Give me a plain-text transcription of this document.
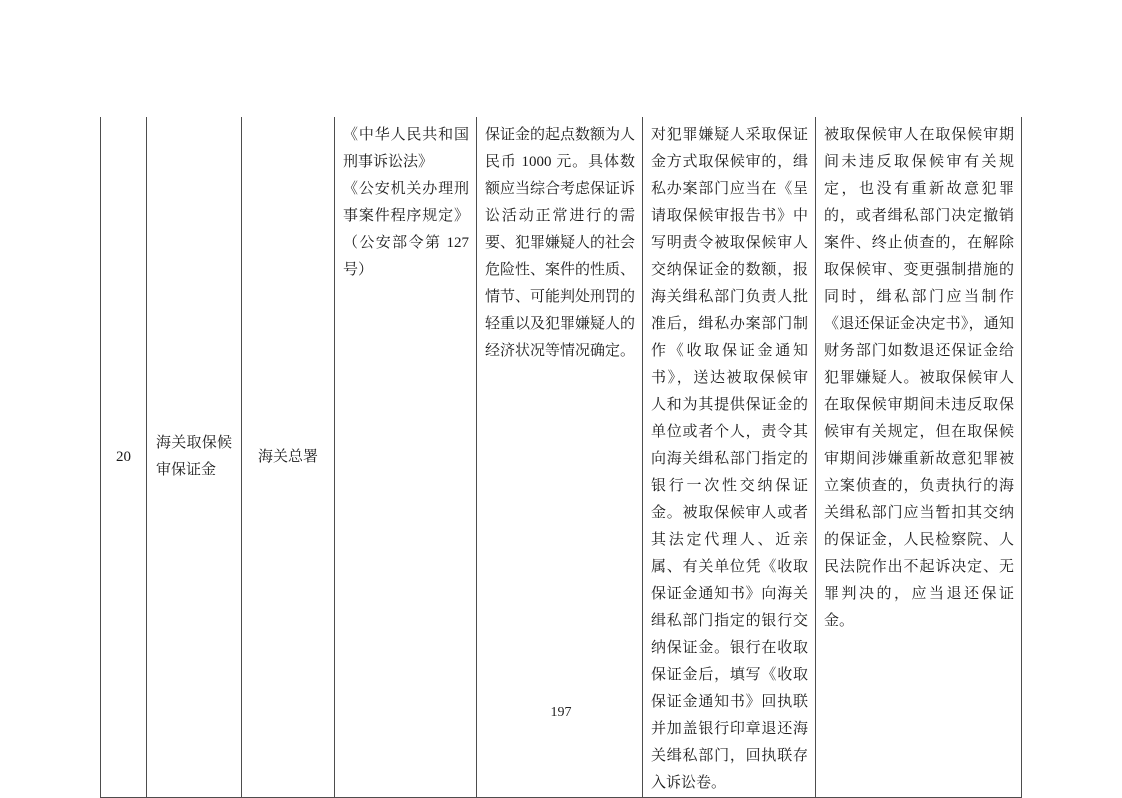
20
海关取保候审保证金
海关总署
《中华人民共和国刑事诉讼法》
《公安机关办理刑事案件程序规定》（公安部令第 127 号）
保证金的起点数额为人民币 1000 元。具体数额应当综合考虑保证诉讼活动正常进行的需要、犯罪嫌疑人的社会危险性、案件的性质、情节、可能判处刑罚的轻重以及犯罪嫌疑人的经济状况等情况确定。
对犯罪嫌疑人采取保证金方式取保候审的，缉私办案部门应当在《呈请取保候审报告书》中写明责令被取保候审人交纳保证金的数额，报海关缉私部门负责人批准后，缉私办案部门制作《收取保证金通知书》，送达被取保候审人和为其提供保证金的单位或者个人，责令其向海关缉私部门指定的银行一次性交纳保证金。被取保候审人或者其法定代理人、近亲属、有关单位凭《收取保证金通知书》向海关缉私部门指定的银行交纳保证金。银行在收取保证金后，填写《收取保证金通知书》回执联并加盖银行印章退还海关缉私部门，回执联存入诉讼卷。
被取保候审人在取保候审期间未违反取保候审有关规定，也没有重新故意犯罪的，或者缉私部门决定撤销案件、终止侦查的，在解除取保候审、变更强制措施的同时，缉私部门应当制作《退还保证金决定书》，通知财务部门如数退还保证金给犯罪嫌疑人。被取保候审人在取保候审期间未违反取保候审有关规定，但在取保候审期间涉嫌重新故意犯罪被立案侦查的，负责执行的海关缉私部门应当暂扣其交纳的保证金，人民检察院、人民法院作出不起诉决定、无罪判决的，应当退还保证金。
197
